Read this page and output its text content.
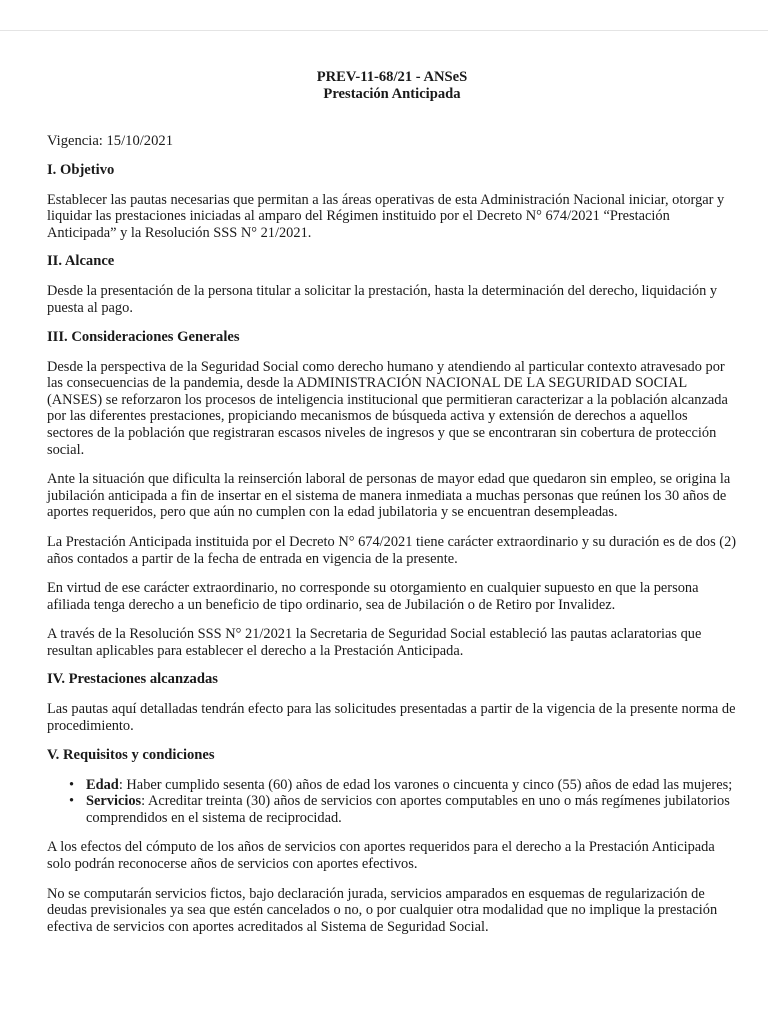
PREV-11-68/21 - ANSeS
Prestación Anticipada
Vigencia: 15/10/2021
I. Objetivo

Establecer las pautas necesarias que permitan a las áreas operativas de esta Administración Nacional iniciar, otorgar y liquidar las prestaciones iniciadas al amparo del Régimen instituido por el Decreto N° 674/2021 “Prestación Anticipada” y la Resolución SSS N° 21/2021.

II. Alcance

Desde la presentación de la persona titular a solicitar la prestación, hasta la determinación del derecho, liquidación y puesta al pago.

III. Consideraciones Generales

Desde la perspectiva de la Seguridad Social como derecho humano y atendiendo al particular contexto atravesado por las consecuencias de la pandemia, desde la ADMINISTRACIÓN NACIONAL DE LA SEGURIDAD SOCIAL (ANSES) se reforzaron los procesos de inteligencia institucional que permitieran caracterizar a la población alcanzada por las diferentes prestaciones, propiciando mecanismos de búsqueda activa y extensión de derechos a aquellos sectores de la población que registraran escasos niveles de ingresos y que se encontraran sin cobertura de protección social.

Ante la situación que dificulta la reinserción laboral de personas de mayor edad que quedaron sin empleo, se origina la jubilación anticipada a fin de insertar en el sistema de manera inmediata a muchas personas que reúnen los 30 años de aportes requeridos, pero que aún no cumplen con la edad jubilatoria y se encuentran desempleadas.

La Prestación Anticipada instituida por el Decreto N° 674/2021 tiene carácter extraordinario y su duración es de dos (2) años contados a partir de la fecha de entrada en vigencia de la presente.

En virtud de ese carácter extraordinario, no corresponde su otorgamiento en cualquier supuesto en que la persona afiliada tenga derecho a un beneficio de tipo ordinario, sea de Jubilación o de Retiro por Invalidez.

A través de la Resolución SSS N° 21/2021 la Secretaria de Seguridad Social estableció las pautas aclaratorias que resultan aplicables para establecer el derecho a la Prestación Anticipada.

IV. Prestaciones alcanzadas

Las pautas aquí detalladas tendrán efecto para las solicitudes presentadas a partir de la vigencia de la presente norma de procedimiento.

V. Requisitos y condiciones
• Edad: Haber cumplido sesenta (60) años de edad los varones o cincuenta y cinco (55) años de edad las mujeres;
• Servicios: Acreditar treinta (30) años de servicios con aportes computables en uno o más regímenes jubilatorios comprendidos en el sistema de reciprocidad.

A los efectos del cómputo de los años de servicios con aportes requeridos para el derecho a la Prestación Anticipada solo podrán reconocerse años de servicios con aportes efectivos.

No se computarán servicios fictos, bajo declaración jurada, servicios amparados en esquemas de regularización de deudas previsionales ya sea que estén cancelados o no, o por cualquier otra modalidad que no implique la prestación efectiva de servicios con aportes acreditados al Sistema de Seguridad Social.
